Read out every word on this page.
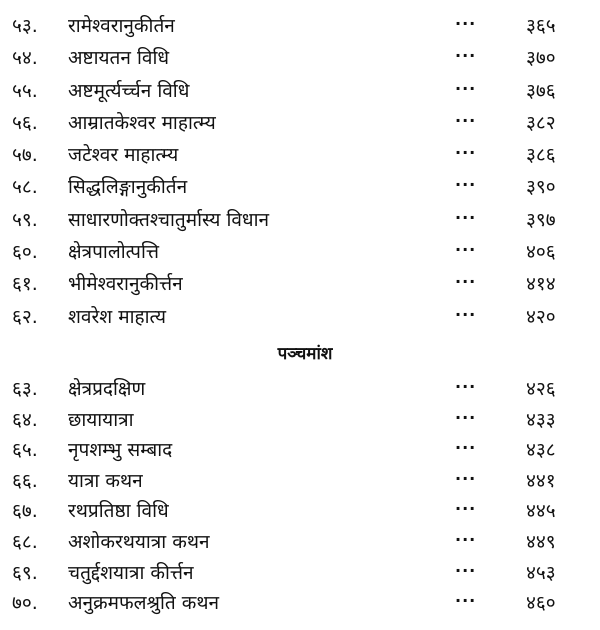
५३.	रामेश्वरानुकीर्तन	···	३६५
५४.	अष्टायतन विधि	···	३७०
५५.	अष्टमूर्त्यर्च्चन विधि	···	३७६
५६.	आम्रातकेश्वर माहात्म्य	···	३८२
५७.	जटेश्वर माहात्म्य	···	३८६
५८.	सिद्धलिङ्गानुकीर्तन	···	३९०
५९.	साधारणोक्तश्चातुर्मास्य विधान	···	३९७
६०.	क्षेत्रपालोत्पत्ति	···	४०६
६१.	भीमेश्वरानुकीर्त्तन	···	४१४
६२.	शवरेश माहात्य	···	४२०
पञ्चमांश
६३.	क्षेत्रप्रदक्षिण	···	४२६
६४.	छायायात्रा	···	४३३
६५.	नृपशम्भु सम्बाद	···	४३८
६६.	यात्रा कथन	···	४४१
६७.	रथप्रतिष्ठा विधि	···	४४५
६८.	अशोकरथयात्रा कथन	···	४४९
६९.	चतुर्द्दशयात्रा कीर्त्तन	···	४५३
७०.	अनुक्रमफलश्रुति कथन	···	४६०
